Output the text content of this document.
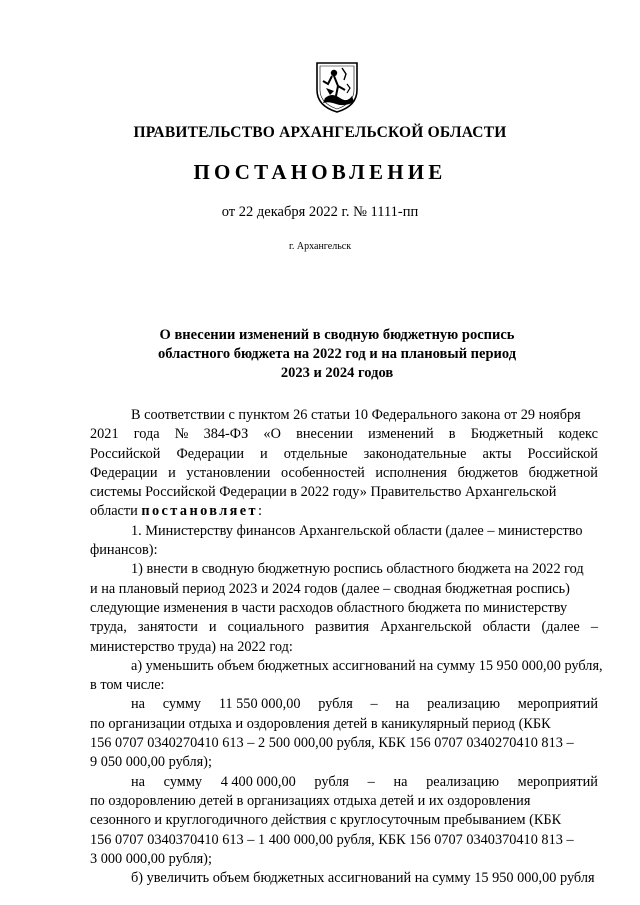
ПРАВИТЕЛЬСТВО АРХАНГЕЛЬСКОЙ ОБЛАСТИ
ПОСТАНОВЛЕНИЕ
от 22 декабря 2022 г. № 1111-пп
г. Архангельск
О внесении изменений в сводную бюджетную роспись
областного бюджета на 2022 год и на плановый период
2023 и 2024 годов
В соответствии с пунктом 26 статьи 10 Федерального закона от 29 ноября
2021 года № 384-ФЗ «О внесении изменений в Бюджетный кодекс
Российской Федерации и отдельные законодательные акты Российской
Федерации и установлении особенностей исполнения бюджетов бюджетной
системы Российской Федерации в 2022 году» Правительство Архангельской
области постановляет :
1. Министерству финансов Архангельской области (далее – министерство
финансов):
1) внести в сводную бюджетную роспись областного бюджета на 2022 год
и на плановый период 2023 и 2024 годов (далее – сводная бюджетная роспись)
следующие изменения в части расходов областного бюджета по министерству
труда, занятости и социального развития Архангельской области (далее –
министерство труда) на 2022 год:
а) уменьшить объем бюджетных ассигнований на сумму 15 950 000,00 рубля,
в том числе:
на сумму 11 550 000,00 рубля – на реализацию мероприятий
по организации отдыха и оздоровления детей в каникулярный период (КБК
156 0707 0340270410 613 – 2 500 000,00 рубля, КБК 156 0707 0340270410 813 –
9 050 000,00 рубля);
на сумму 4 400 000,00 рубля – на реализацию мероприятий
по оздоровлению детей в организациях отдыха детей и их оздоровления
сезонного и круглогодичного действия с круглосуточным пребыванием (КБК
156 0707 0340370410 613 – 1 400 000,00 рубля, КБК 156 0707 0340370410 813 –
3 000 000,00 рубля);
б) увеличить объем бюджетных ассигнований на сумму 15 950 000,00 рубля
